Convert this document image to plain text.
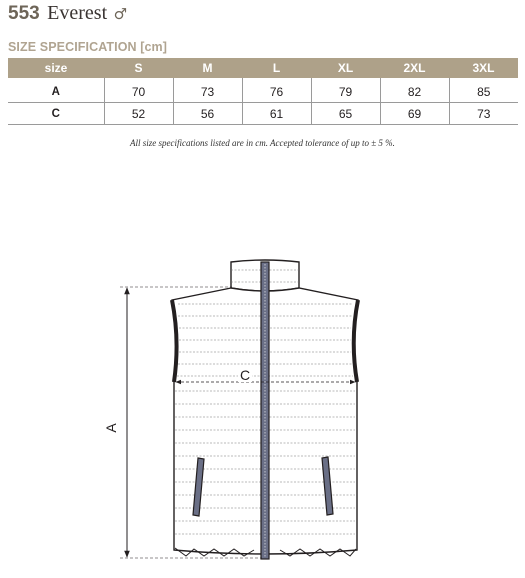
553 Everest ♂
SIZE SPECIFICATION [cm]
size	S	M	L	XL	2XL	3XL
A	70	73	76	79	82	85
C	52	56	61	65	69	73
All size specifications listed are in cm. Accepted tolerance of up to ± 5 %.
A
C
